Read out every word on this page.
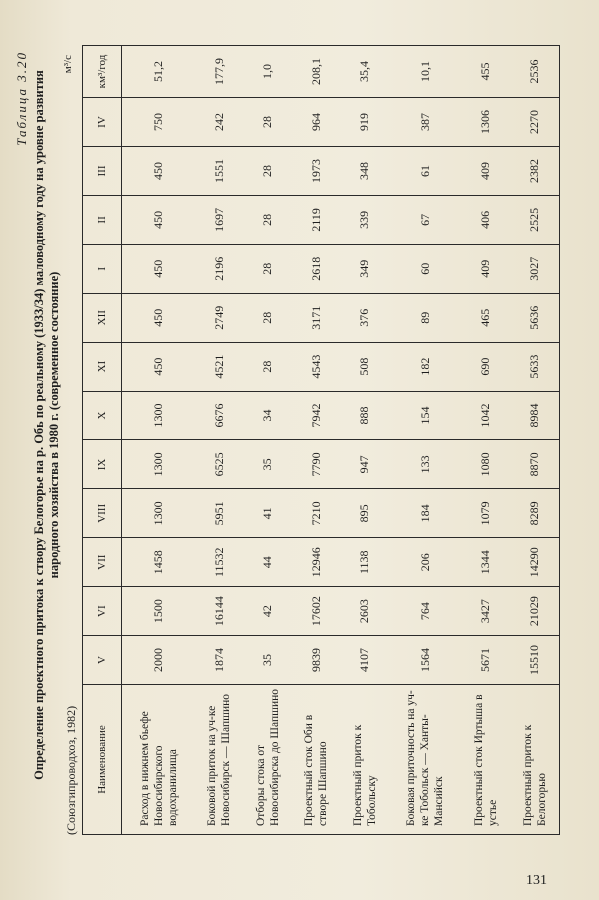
Таблица 3.20 Определение проектного притока к створу Белогорье на р. Обь по реальному (1933/34) маловодному году на уровне развития народного хозяйства в 1980 г. (современное состояние)
(Союзгипроводхоз, 1982)
м³/с
Наименование	V	VI	VII	VIII	IX	X	XI	XII	I	II	III	IV	км³/год
Расход в нижнем бьефе Новосибирского водохранилища	2000	1500	1458	1300	1300	1300	450	450	450	450	450	750	51,2
Боковой приток на уч-ке Новосибирск — Шапшино	1874	16144	11532	5951	6525	6676	4521	2749	2196	1697	1551	242	177,9
Отборы стока от Новосибирска до Шапшино	35	42	44	41	35	34	28	28	28	28	28	28	1,0
Проектный сток Оби в створе Шапшино	9839	17602	12946	7210	7790	7942	4543	3171	2618	2119	1973	964	208,1
Проектный приток к Тобольску	4107	2603	1138	895	947	888	508	376	349	339	348	919	35,4
Боковая приточность на уч-ке Тобольск — Ханты-Мансийск	1564	764	206	184	133	154	182	89	60	67	61	387	10,1
Проектный сток Иртыша в устье	5671	3427	1344	1079	1080	1042	690	465	409	406	409	1306	455
Проектный приток к Белогорью	15510	21029	14290	8289	8870	8984	5633	5636	3027	2525	2382	2270	2536
131
